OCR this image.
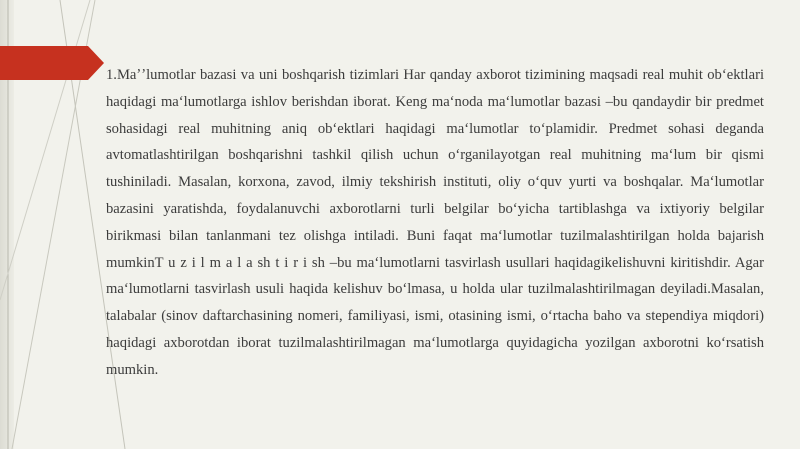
1.Maʼʼlumotlar bazasi va uni boshqarish tizimlari Har qanday axborot tizimining maqsadi real muhit obʻektlari haqidagi maʻlumotlarga ishlov berishdan iborat. Keng maʻnoda maʻlumotlar bazasi –bu qandaydir bir predmet sohasidagi real muhitning aniq obʻektlari haqidagi maʻlumotlar toʻplamidir. Predmet sohasi deganda avtomatlashtirilgan boshqarishni tashkil qilish uchun oʻrganilayotgan real muhitning maʻlum bir qismi tushiniladi. Masalan, korxona, zavod, ilmiy tekshirish instituti, oliy oʻquv yurti va boshqalar. Maʻlumotlar bazasini yaratishda, foydalanuvchi axborotlarni turli belgilar boʻyicha tartiblashga va ixtiyoriy belgilar birikmasi bilan tanlanmani tez olishga intiladi. Buni faqat maʻlumotlar tuzilmalashtirilgan holda bajarish mumkinT u z i l m a l a sh t i r i sh –bu maʻlumotlarni tasvirlash usullari haqidagikelishuvni kiritishdir. Agar maʻlumotlarni tasvirlash usuli haqida kelishuv boʻlmasa, u holda ular tuzilmalashtirilmagan deyiladi.Masalan, talabalar (sinov daftarchasining nomeri, familiyasi, ismi, otasining ismi, oʻrtacha baho va stependiya miqdori) haqidagi axborotdan iborat tuzilmalashtirilmagan maʻlumotlarga quyidagicha yozilgan axborotni koʻrsatish mumkin.
